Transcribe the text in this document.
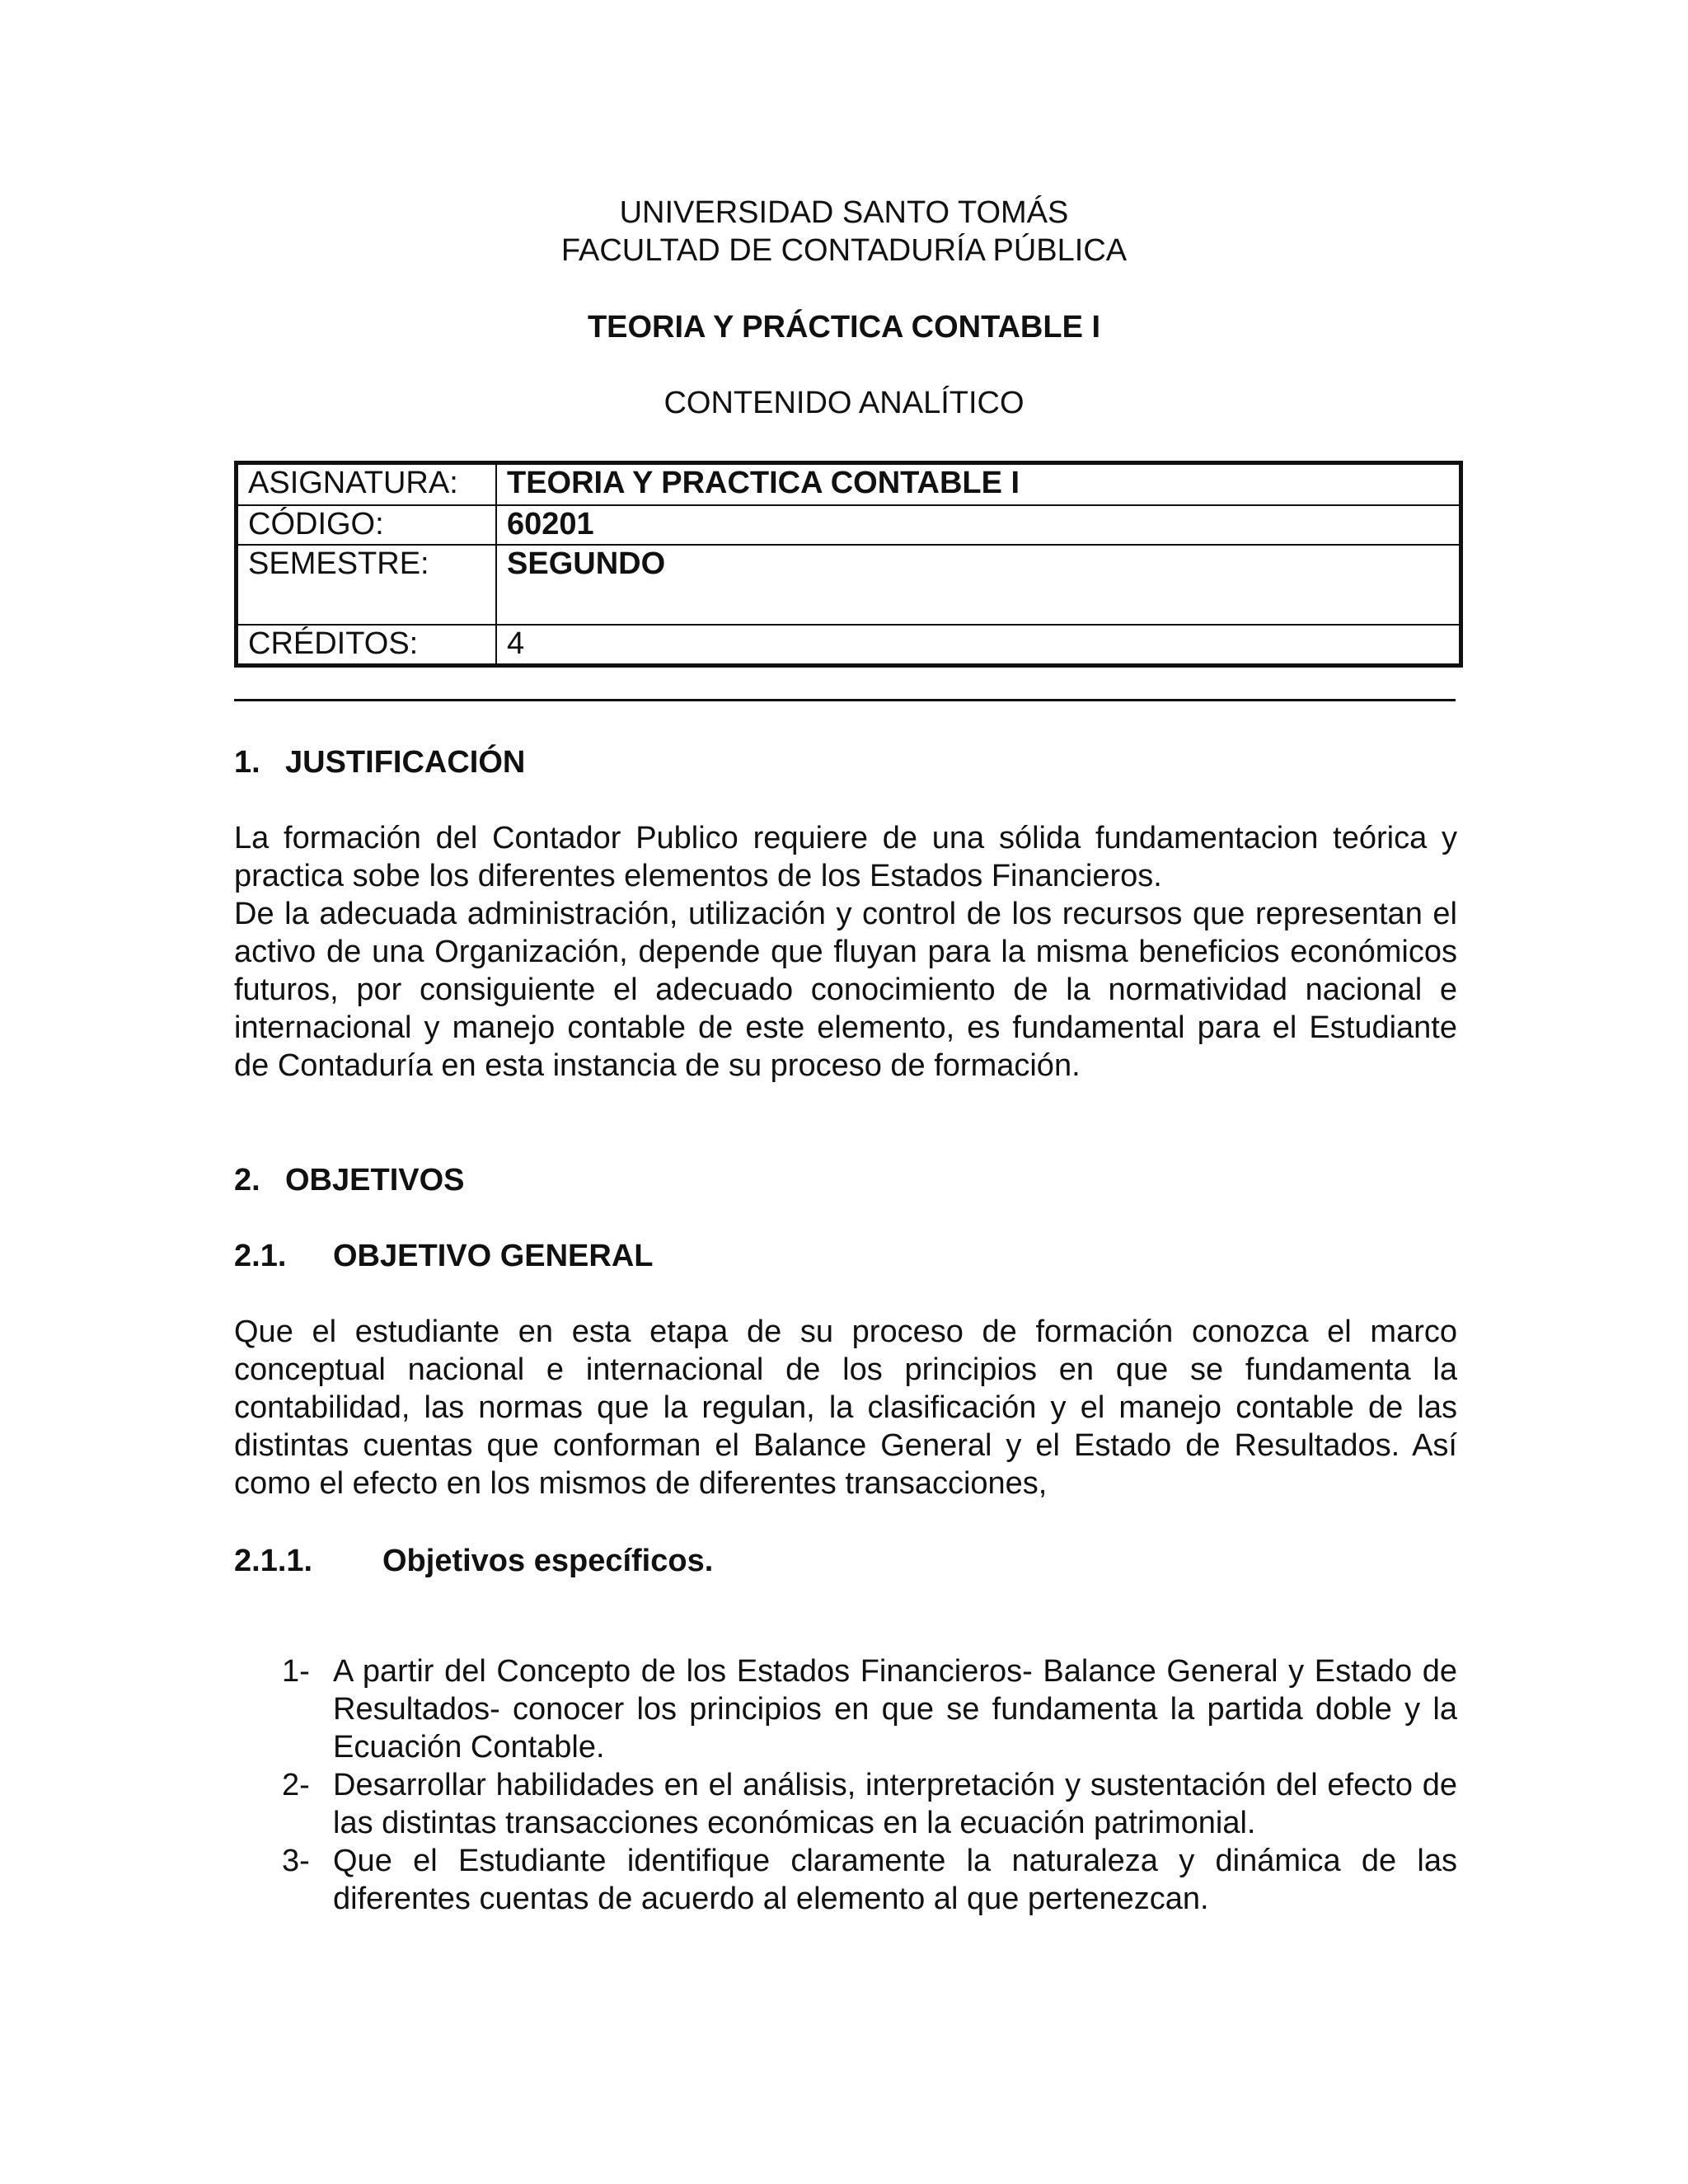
UNIVERSIDAD SANTO TOMÁS
FACULTAD DE CONTADURÍA PÚBLICA
TEORIA Y PRÁCTICA CONTABLE I
CONTENIDO ANALÍTICO
ASIGNATURA:	TEORIA Y PRACTICA CONTABLE I
CÓDIGO:	60201
SEMESTRE:	SEGUNDO
CRÉDITOS:	4
1. JUSTIFICACIÓN

La formación del Contador Publico requiere de una sólida fundamentacion teórica y practica sobe los diferentes elementos de los Estados Financieros.

De la adecuada administración, utilización y control de los recursos que representan el activo de una Organización, depende que fluyan para la misma beneficios económicos futuros, por consiguiente el adecuado conocimiento de la normatividad nacional e internacional y manejo contable de este elemento, es fundamental para el Estudiante de Contaduría en esta instancia de su proceso de formación.

2. OBJETIVOS
2.1. OBJETIVO GENERAL

Que el estudiante en esta etapa de su proceso de formación conozca el marco conceptual nacional e internacional de los principios en que se fundamenta la contabilidad, las normas que la regulan, la clasificación y el manejo contable de las distintas cuentas que conforman el Balance General y el Estado de Resultados. Así como el efecto en los mismos de diferentes transacciones,

2.1.1. Objetivos específicos.
1- A partir del Concepto de los Estados Financieros- Balance General y Estado de Resultados- conocer los principios en que se fundamenta la partida doble y la Ecuación Contable.
2- Desarrollar habilidades en el análisis, interpretación y sustentación del efecto de las distintas transacciones económicas en la ecuación patrimonial.
3- Que el Estudiante identifique claramente la naturaleza y dinámica de las diferentes cuentas de acuerdo al elemento al que pertenezcan.
